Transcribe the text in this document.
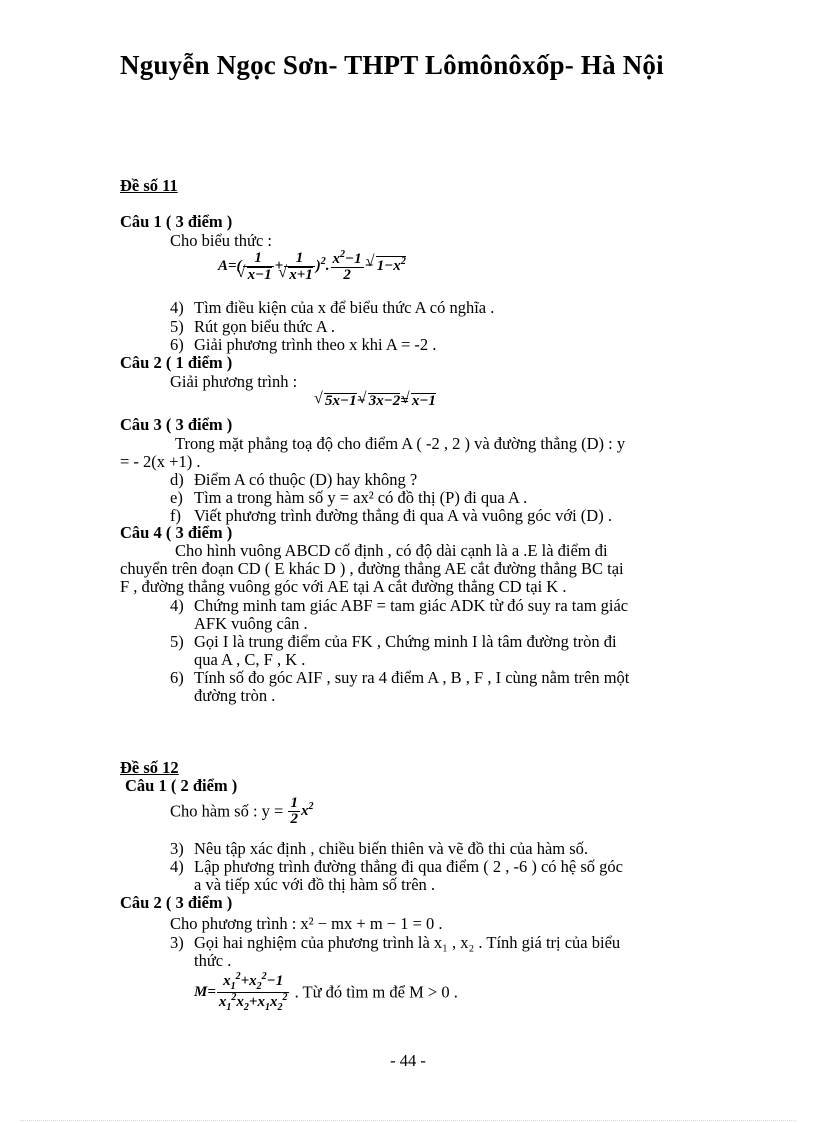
Nguyễn Ngọc Sơn- THPT Lômônôxốp- Hà Nội
Đề số 11
Câu 1 ( 3 điểm )
Cho biểu thức :
A=( 1
√ x−1 + 1
√ x+1 )$^2$. $\frac{x^2-1}{2}$ − √ $1-x^2$
4) Tìm điều kiện của x để biểu thức A có nghĩa .
5) Rút gọn biểu thức A .
6) Giải phương trình theo x khi A = -2 .
Câu 2 ( 1 điểm )
Giải phương trình :
√ 5x−1− √ 3x−2= √ x−1
Câu 3 ( 3 điểm )
Trong mặt phẳng toạ độ cho điểm A ( -2 , 2 ) và đường thẳng (D) : y
= - 2(x +1) .
d) Điểm A có thuộc (D) hay không ?
e) Tìm a trong hàm số y = ax² có đồ thị (P) đi qua A .
f) Viết phương trình đường thẳng đi qua A và vuông góc với (D) .
Câu 4 ( 3 điểm )
Cho hình vuông ABCD cố định , có độ dài cạnh là a .E là điểm đi
chuyển trên đoạn CD ( E khác D ) , đường thẳng AE cắt đường thẳng BC tại
F , đường thẳng vuông góc với AE tại A cắt đường thẳng CD tại K .
4) Chứng minh tam giác ABF = tam giác ADK từ đó suy ra tam giác
AFK vuông cân .
5) Gọi I là trung điểm của FK , Chứng minh I là tâm đường tròn đi
qua A , C, F , K .
6) Tính số đo góc AIF , suy ra 4 điểm A , B , F , I cùng nằm trên một
đường tròn .
Đề số 12
Câu 1 ( 2 điểm )
Cho hàm số : $y = \frac{1}{2} x^2$
3) Nêu tập xác định , chiều biến thiên và vẽ đồ thi của hàm số.
4) Lập phương trình đường thẳng đi qua điểm ( 2 , -6 ) có hệ số góc
a và tiếp xúc với đồ thị hàm số trên .
Câu 2 ( 3 điểm )
Cho phương trình : x² − mx + m − 1 = 0 .
3) Gọi hai nghiệm của phương trình là x₁ , x₂ . Tính giá trị của biểu
thức .
$M= \frac{x_1^2+x_2^2-1}{x_1^2x_2+x_1x_2^2}$ . Từ đó tìm m để M > 0 .
- 44 -
